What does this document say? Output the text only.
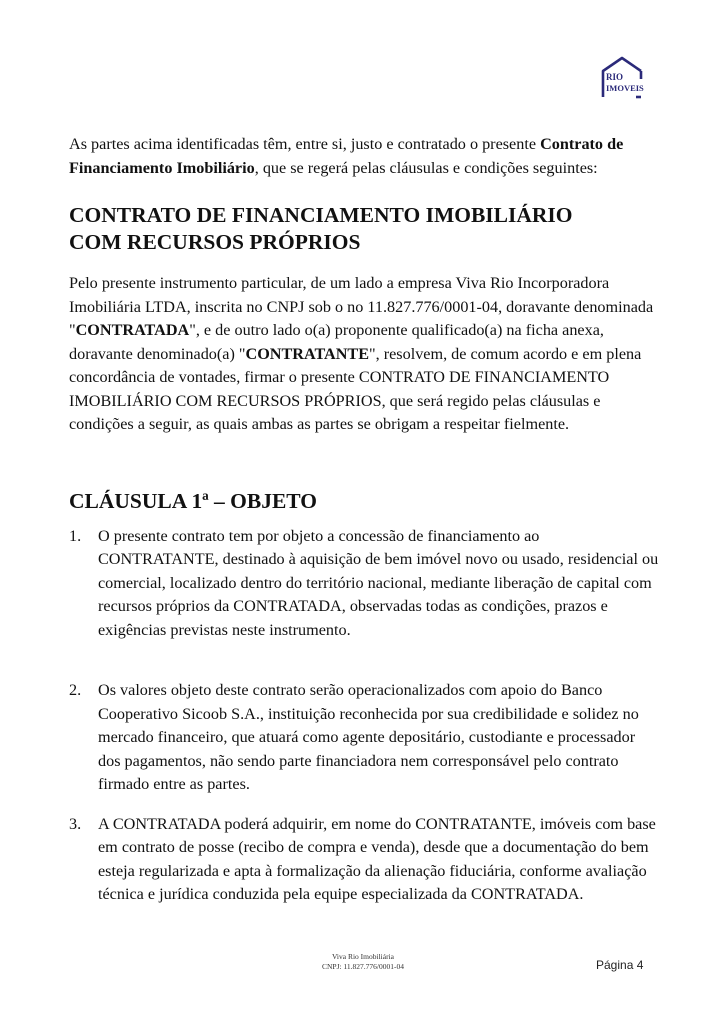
RIO
IMOVEIS

As partes acima identificadas têm, entre si, justo e contratado o presente Contrato de Financiamento Imobiliário, que se regerá pelas cláusulas e condições seguintes:

CONTRATO DE FINANCIAMENTO IMOBILIÁRIO
COM RECURSOS PRÓPRIOS

Pelo presente instrumento particular, de um lado a empresa Viva Rio Incorporadora Imobiliária LTDA, inscrita no CNPJ sob o no 11.827.776/0001-04, doravante denominada "CONTRATADA", e de outro lado o(a) proponente qualificado(a) na ficha anexa, doravante denominado(a) "CONTRATANTE", resolvem, de comum acordo e em plena concordância de vontades, firmar o presente CONTRATO DE FINANCIAMENTO IMOBILIÁRIO COM RECURSOS PRÓPRIOS, que será regido pelas cláusulas e condições a seguir, as quais ambas as partes se obrigam a respeitar fielmente.

CLÁUSULA 1ª – OBJETO
1. O presente contrato tem por objeto a concessão de financiamento ao CONTRATANTE, destinado à aquisição de bem imóvel novo ou usado, residencial ou comercial, localizado dentro do território nacional, mediante liberação de capital com recursos próprios da CONTRATADA, observadas todas as condições, prazos e exigências previstas neste instrumento.
2. Os valores objeto deste contrato serão operacionalizados com apoio do Banco Cooperativo Sicoob S.A., instituição reconhecida por sua credibilidade e solidez no mercado financeiro, que atuará como agente depositário, custodiante e processador dos pagamentos, não sendo parte financiadora nem corresponsável pelo contrato firmado entre as partes.
3. A CONTRATADA poderá adquirir, em nome do CONTRATANTE, imóveis com base em contrato de posse (recibo de compra e venda), desde que a documentação do bem esteja regularizada e apta à formalização da alienação fiduciária, conforme avaliação técnica e jurídica conduzida pela equipe especializada da CONTRATADA.
Viva Rio Imobiliária
CNPJ: 11.827.776/0001-04	Página 4
